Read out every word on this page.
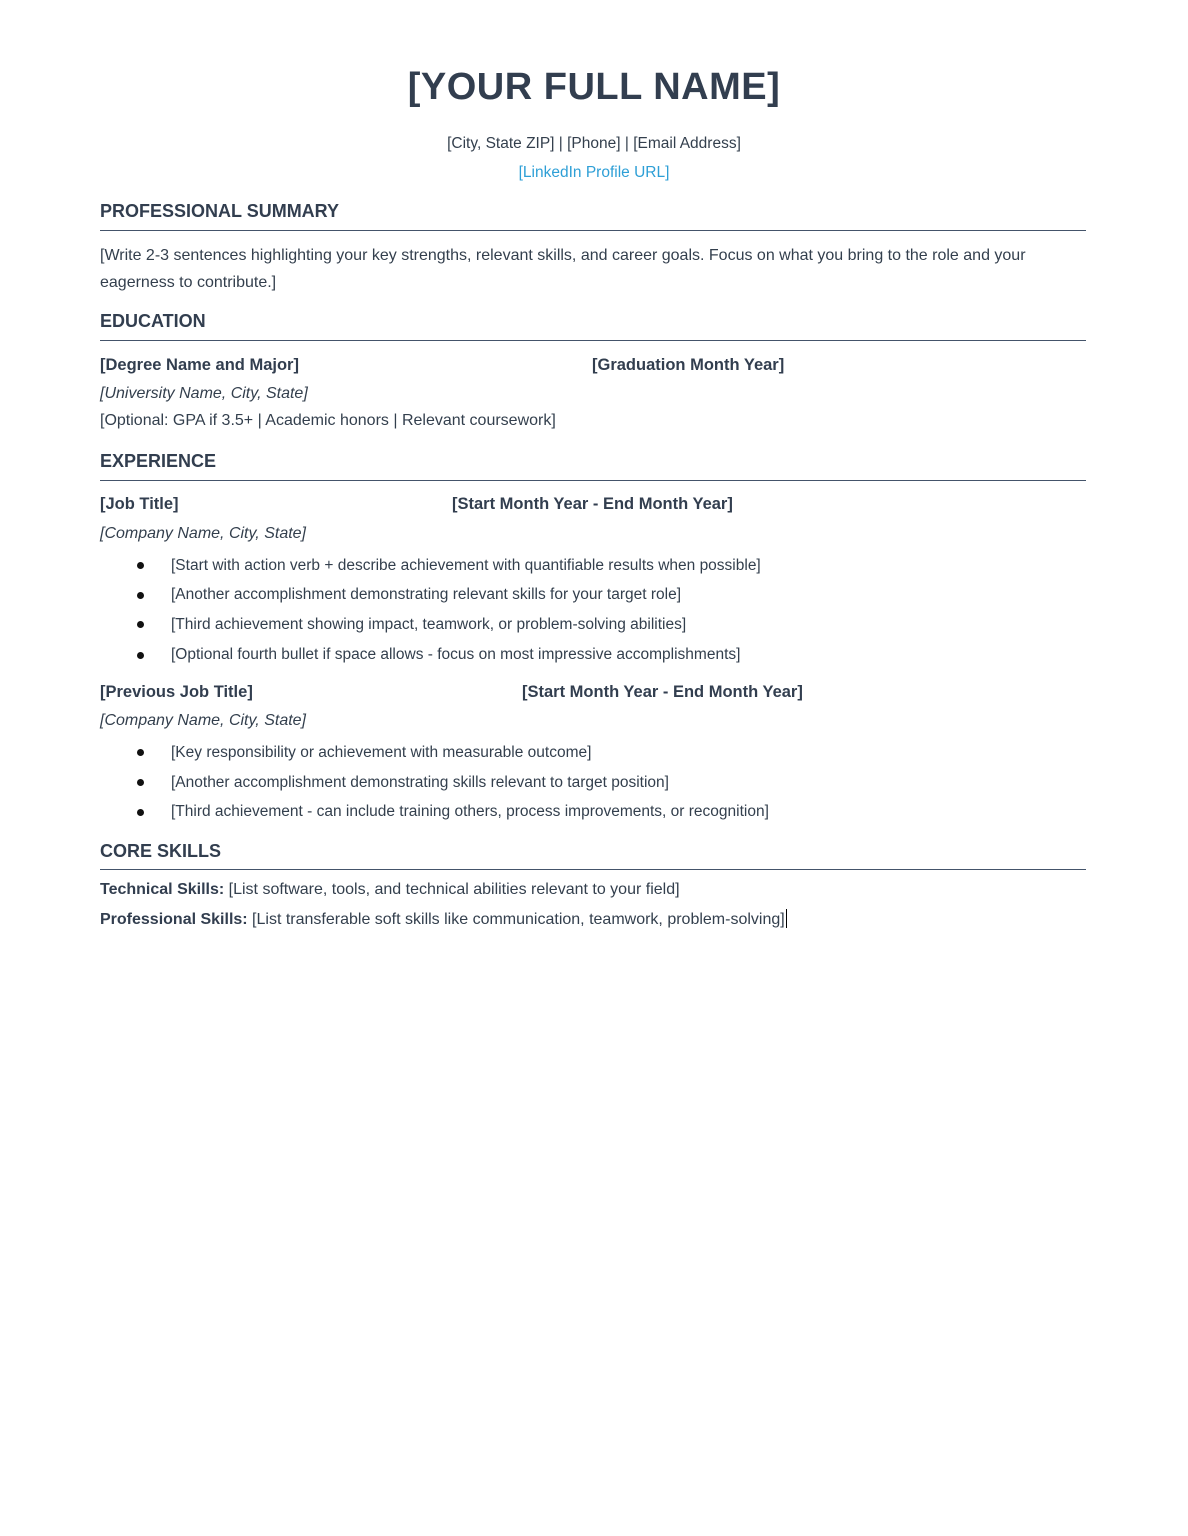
[YOUR FULL NAME]
[City, State ZIP] | [Phone] | [Email Address]
[LinkedIn Profile URL]
PROFESSIONAL SUMMARY
[Write 2-3 sentences highlighting your key strengths, relevant skills, and career goals. Focus on what you bring to the role and your eagerness to contribute.]
EDUCATION
[Degree Name and Major]	[Graduation Month Year]
[University Name, City, State]
[Optional: GPA if 3.5+ | Academic honors | Relevant coursework]
EXPERIENCE
[Job Title]	[Start Month Year - End Month Year]
[Company Name, City, State]
[Start with action verb + describe achievement with quantifiable results when possible]
[Another accomplishment demonstrating relevant skills for your target role]
[Third achievement showing impact, teamwork, or problem-solving abilities]
[Optional fourth bullet if space allows - focus on most impressive accomplishments]
[Previous Job Title]	[Start Month Year - End Month Year]
[Company Name, City, State]
[Key responsibility or achievement with measurable outcome]
[Another accomplishment demonstrating skills relevant to target position]
[Third achievement - can include training others, process improvements, or recognition]
CORE SKILLS
Technical Skills: [List software, tools, and technical abilities relevant to your field]
Professional Skills: [List transferable soft skills like communication, teamwork, problem-solving]
